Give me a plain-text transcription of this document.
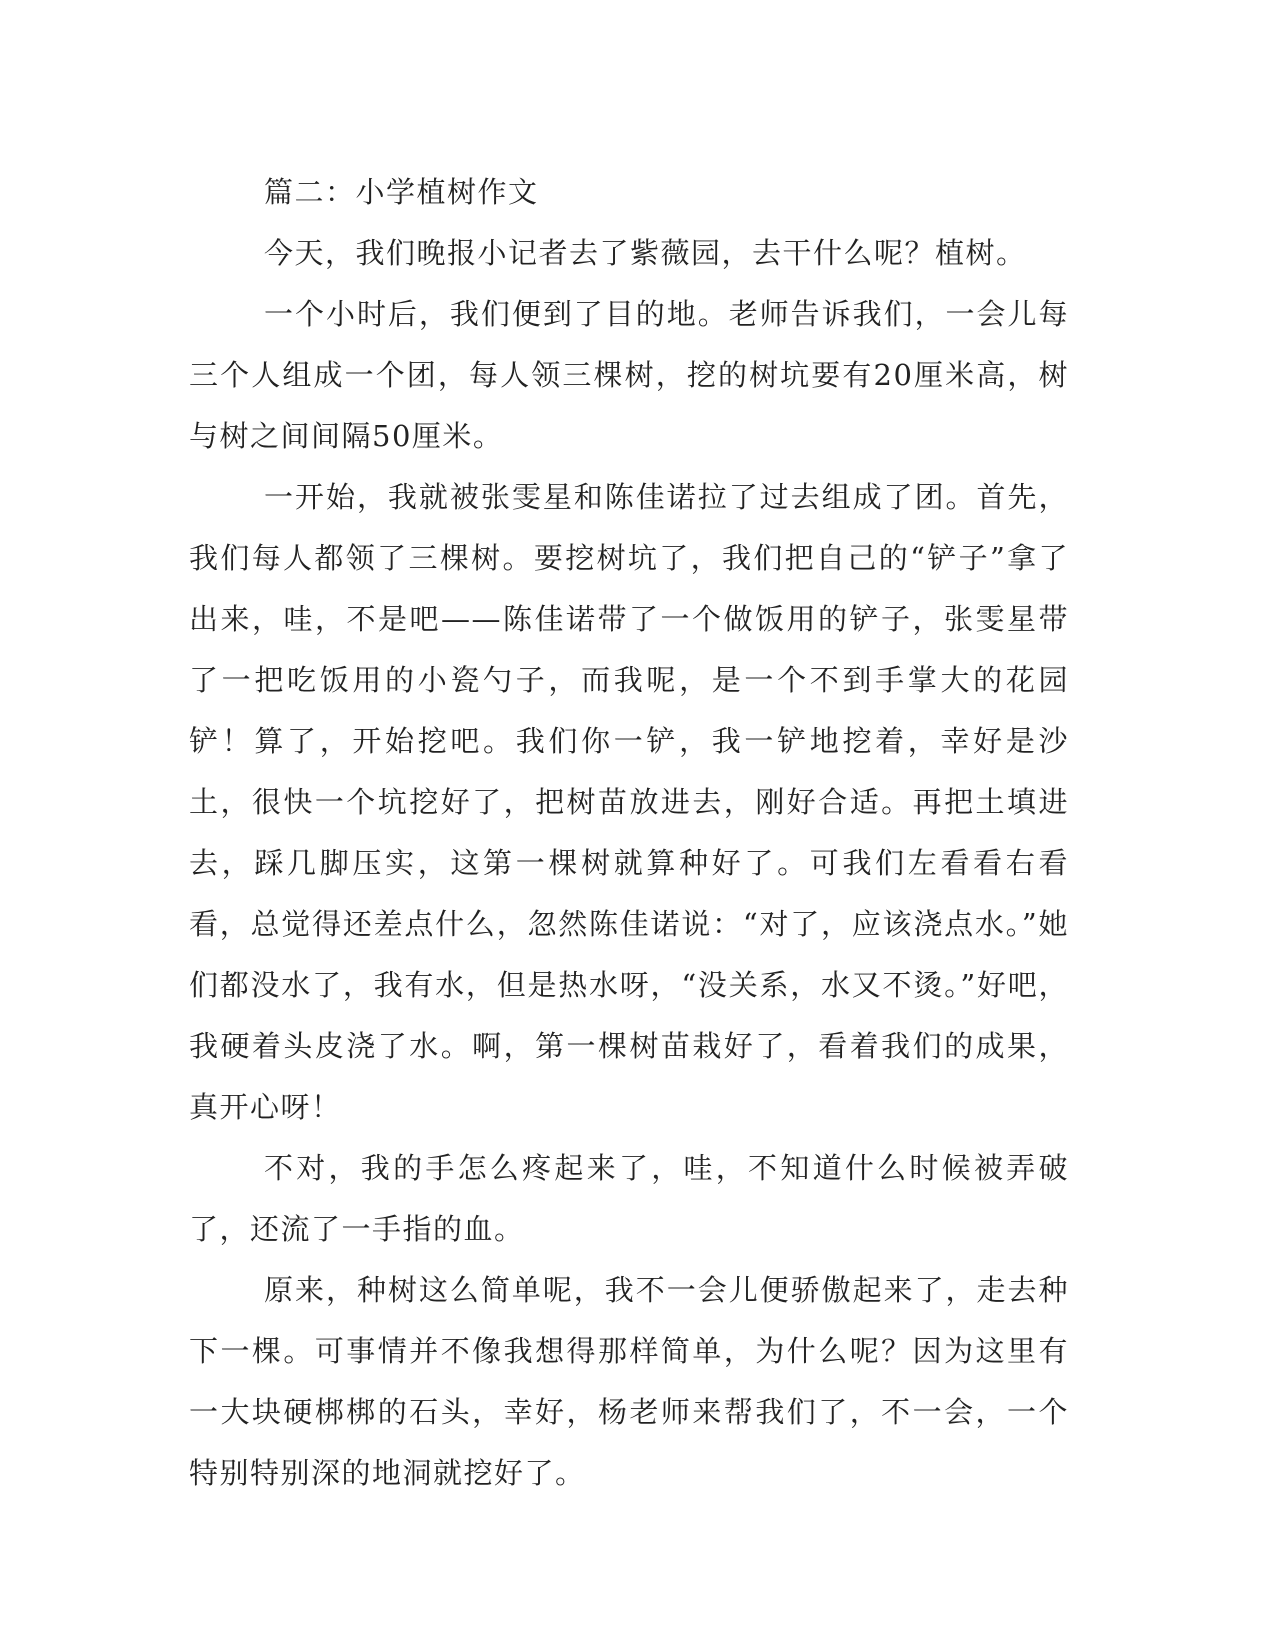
篇二：小学植树作文

今天，我们晚报小记者去了紫薇园，去干什么呢？植树。

一个小时后，我们便到了目的地。老师告诉我们，一会儿每三个人组成一个团，每人领三棵树，挖的树坑要有20厘米高，树与树之间间隔50厘米。

一开始，我就被张雯星和陈佳诺拉了过去组成了团。首先，我们每人都领了三棵树。要挖树坑了，我们把自己的“铲子”拿了出来，哇，不是吧——陈佳诺带了一个做饭用的铲子，张雯星带了一把吃饭用的小瓷勺子，而我呢，是一个不到手掌大的花园铲！算了，开始挖吧。我们你一铲，我一铲地挖着，幸好是沙土，很快一个坑挖好了，把树苗放进去，刚好合适。再把土填进去，踩几脚压实，这第一棵树就算种好了。可我们左看看右看看，总觉得还差点什么，忽然陈佳诺说：“对了，应该浇点水。”她们都没水了，我有水，但是热水呀，“没关系，水又不烫。”好吧，我硬着头皮浇了水。啊，第一棵树苗栽好了，看着我们的成果，真开心呀！

不对，我的手怎么疼起来了，哇，不知道什么时候被弄破了，还流了一手指的血。

原来，种树这么简单呢，我不一会儿便骄傲起来了，走去种下一棵。可事情并不像我想得那样简单，为什么呢？因为这里有一大块硬梆梆的石头，幸好，杨老师来帮我们了，不一会，一个特别特别深的地洞就挖好了。
